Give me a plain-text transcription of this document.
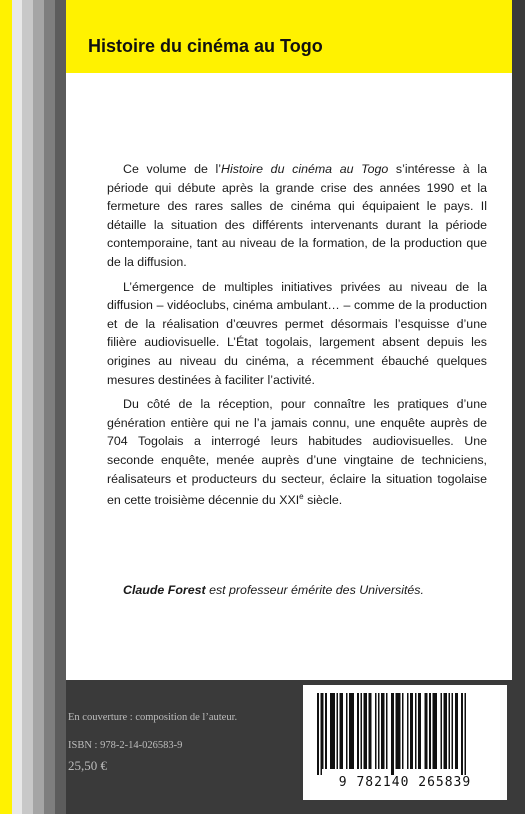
Histoire du cinéma au Togo

Ce volume de l’Histoire du cinéma au Togo s’intéresse à la période qui débute après la grande crise des années 1990 et la fermeture des rares salles de cinéma qui équipaient le pays. Il détaille la situation des différents intervenants durant la période contemporaine, tant au niveau de la formation, de la production que de la diffusion.

L’émergence de multiples initiatives privées au niveau de la diffusion – vidéoclubs, cinéma ambulant… – comme de la production et de la réalisation d’œuvres permet désormais l’esquisse d’une filière audiovisuelle. L’État togolais, largement absent depuis les origines au niveau du cinéma, a récemment ébauché quelques mesures destinées à faciliter l’activité.

Du côté de la réception, pour connaître les pratiques d’une génération entière qui ne l’a jamais connu, une enquête auprès de 704 Togolais a interrogé leurs habitudes audiovisuelles. Une seconde enquête, menée auprès d’une vingtaine de techniciens, réalisateurs et producteurs du secteur, éclaire la situation togolaise en cette troisième décennie du XXIe siècle.

Claude Forest est professeur émérite des Universités.
En couverture : composition de l’auteur.
ISBN : 978-2-14-026583-9
25,50 €
9 782140 265839
